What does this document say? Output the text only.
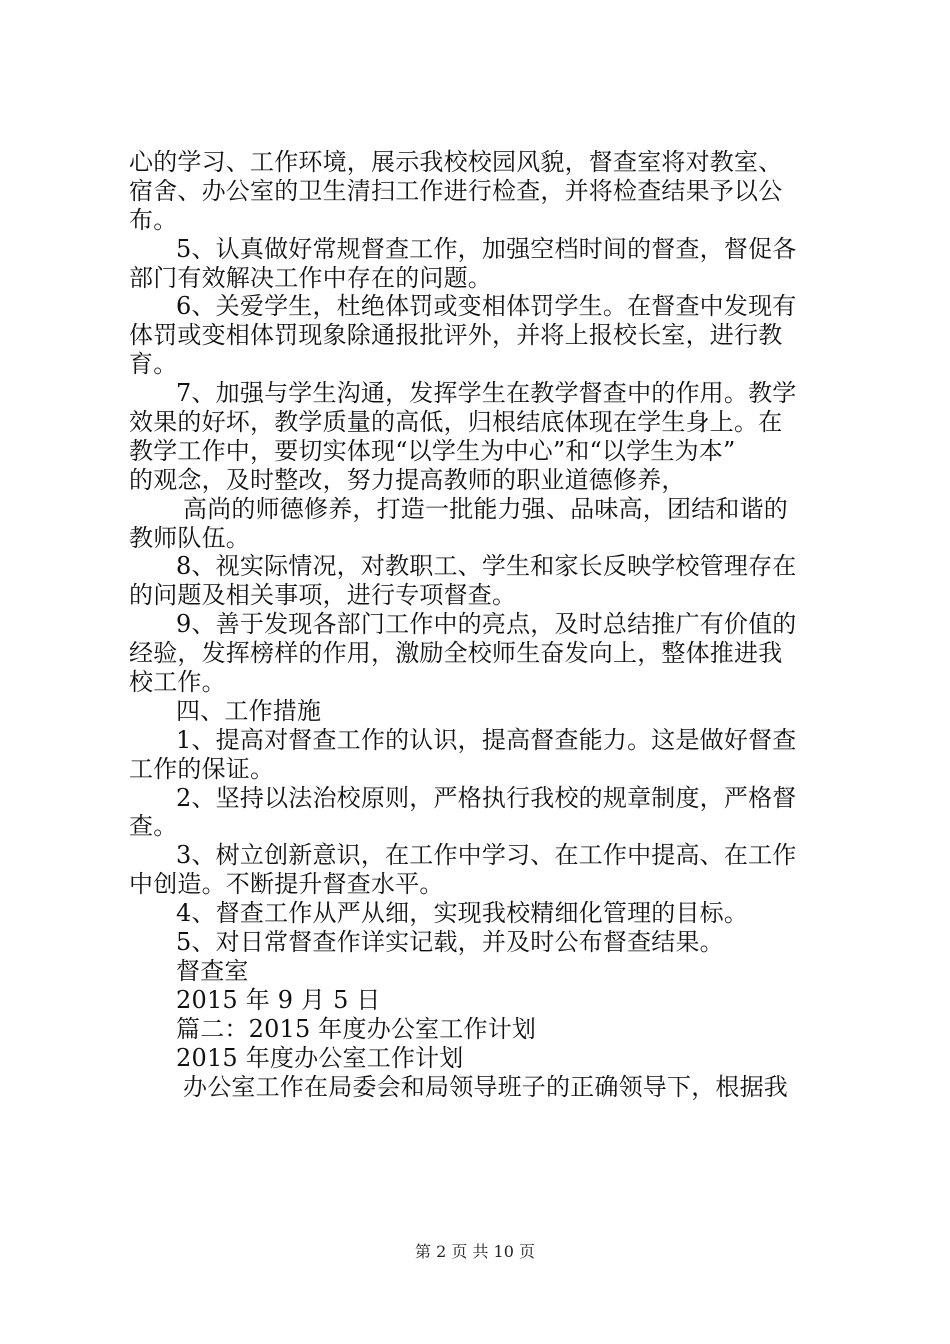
心的学习、工作环境，展示我校校园风貌，督查室将对教室、
宿舍、办公室的卫生清扫工作进行检查，并将检查结果予以公
布。
5、认真做好常规督查工作，加强空档时间的督查，督促各
部门有效解决工作中存在的问题。
6、关爱学生，杜绝体罚或变相体罚学生。在督查中发现有
体罚或变相体罚现象除通报批评外，并将上报校长室，进行教
育。
7、加强与学生沟通，发挥学生在教学督查中的作用。教学
效果的好坏，教学质量的高低，归根结底体现在学生身上。在
教学工作中，要切实体现“以学生为中心”和“以学生为本”
的观念，及时整改，努力提高教师的职业道德修养，
高尚的师德修养，打造一批能力强、品味高，团结和谐的
教师队伍。
8、视实际情况，对教职工、学生和家长反映学校管理存在
的问题及相关事项，进行专项督查。
9、善于发现各部门工作中的亮点，及时总结推广有价值的
经验，发挥榜样的作用，激励全校师生奋发向上，整体推进我
校工作。
四、工作措施
1、提高对督查工作的认识，提高督查能力。这是做好督查
工作的保证。
2、坚持以法治校原则，严格执行我校的规章制度，严格督
查。
3、树立创新意识，在工作中学习、在工作中提高、在工作
中创造。不断提升督查水平。
4、督查工作从严从细，实现我校精细化管理的目标。
5、对日常督查作详实记载，并及时公布督查结果。
督查室
2015 年 9 月 5 日
篇二：2015 年度办公室工作计划
2015 年度办公室工作计划
办公室工作在局委会和局领导班子的正确领导下，根据我
第 2 页 共 10 页
